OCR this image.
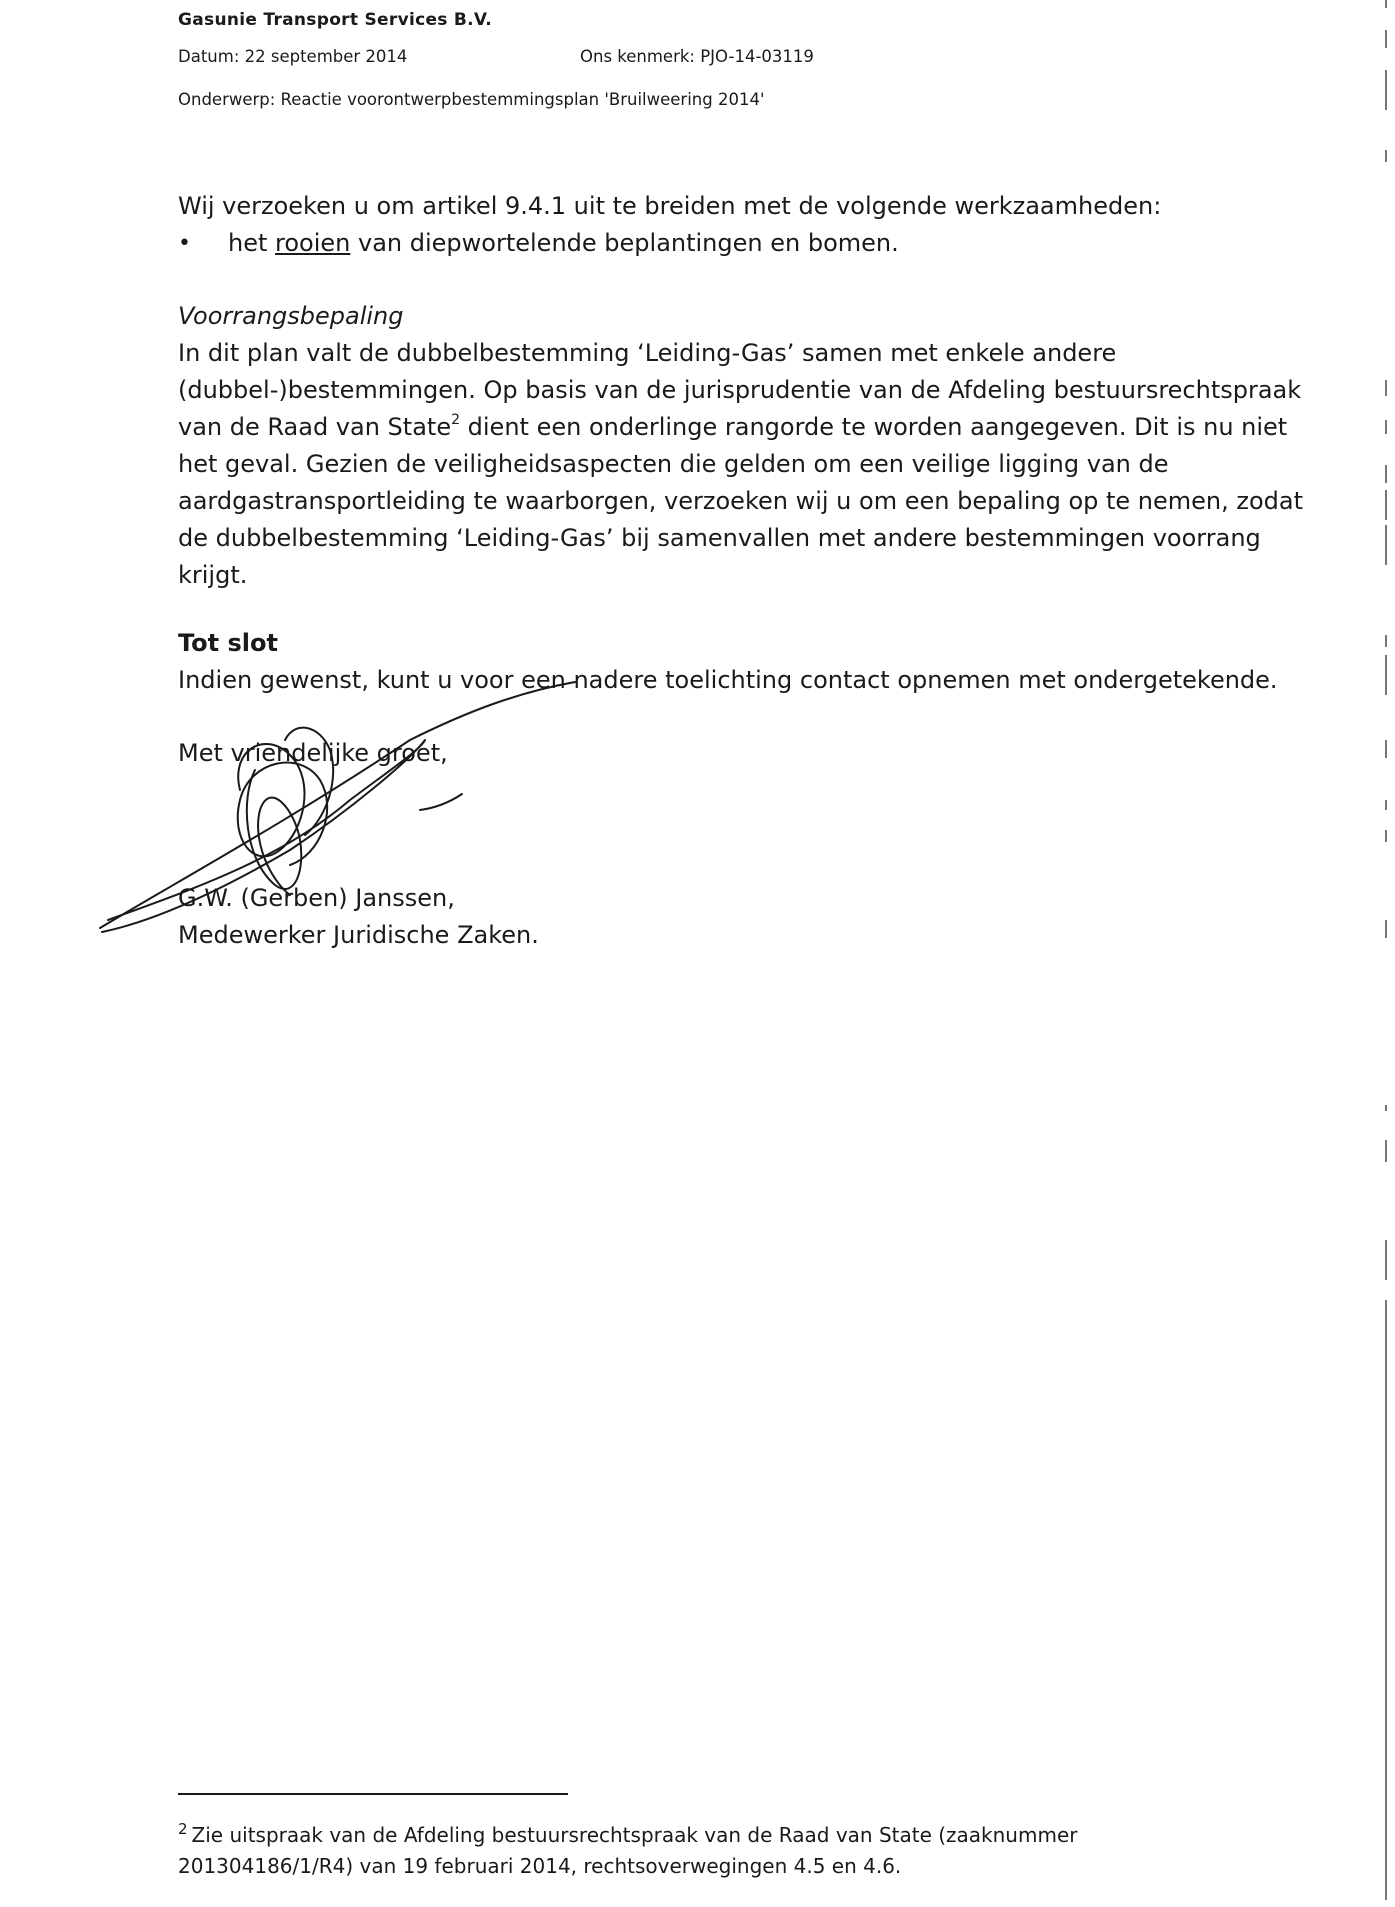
Gasunie Transport Services B.V.
Datum: 22 september 2014	Ons kenmerk: PJO-14-03119
Onderwerp: Reactie voorontwerpbestemmingsplan 'Bruilweering 2014'
Wij verzoeken u om artikel 9.4.1 uit te breiden met de volgende werkzaamheden:
• het rooien van diepwortelende beplantingen en bomen.
Voorrangsbepaling
In dit plan valt de dubbelbestemming ‘Leiding-Gas’ samen met enkele andere
(dubbel-)bestemmingen. Op basis van de jurisprudentie van de Afdeling bestuursrechtspraak
van de Raad van State$^2$ dient een onderlinge rangorde te worden aangegeven. Dit is nu niet
het geval. Gezien de veiligheidsaspecten die gelden om een veilige ligging van de
aardgastransportleiding te waarborgen, verzoeken wij u om een bepaling op te nemen, zodat
de dubbelbestemming ‘Leiding-Gas’ bij samenvallen met andere bestemmingen voorrang
krijgt.
Tot slot
Indien gewenst, kunt u voor een nadere toelichting contact opnemen met ondergetekende.
Met vriendelijke groet,
G.W. (Gerben) Janssen,
Medewerker Juridische Zaken.
$^2$ Zie uitspraak van de Afdeling bestuursrechtspraak van de Raad van State (zaaknummer
201304186/1/R4) van 19 februari 2014, rechtsoverwegingen 4.5 en 4.6.
